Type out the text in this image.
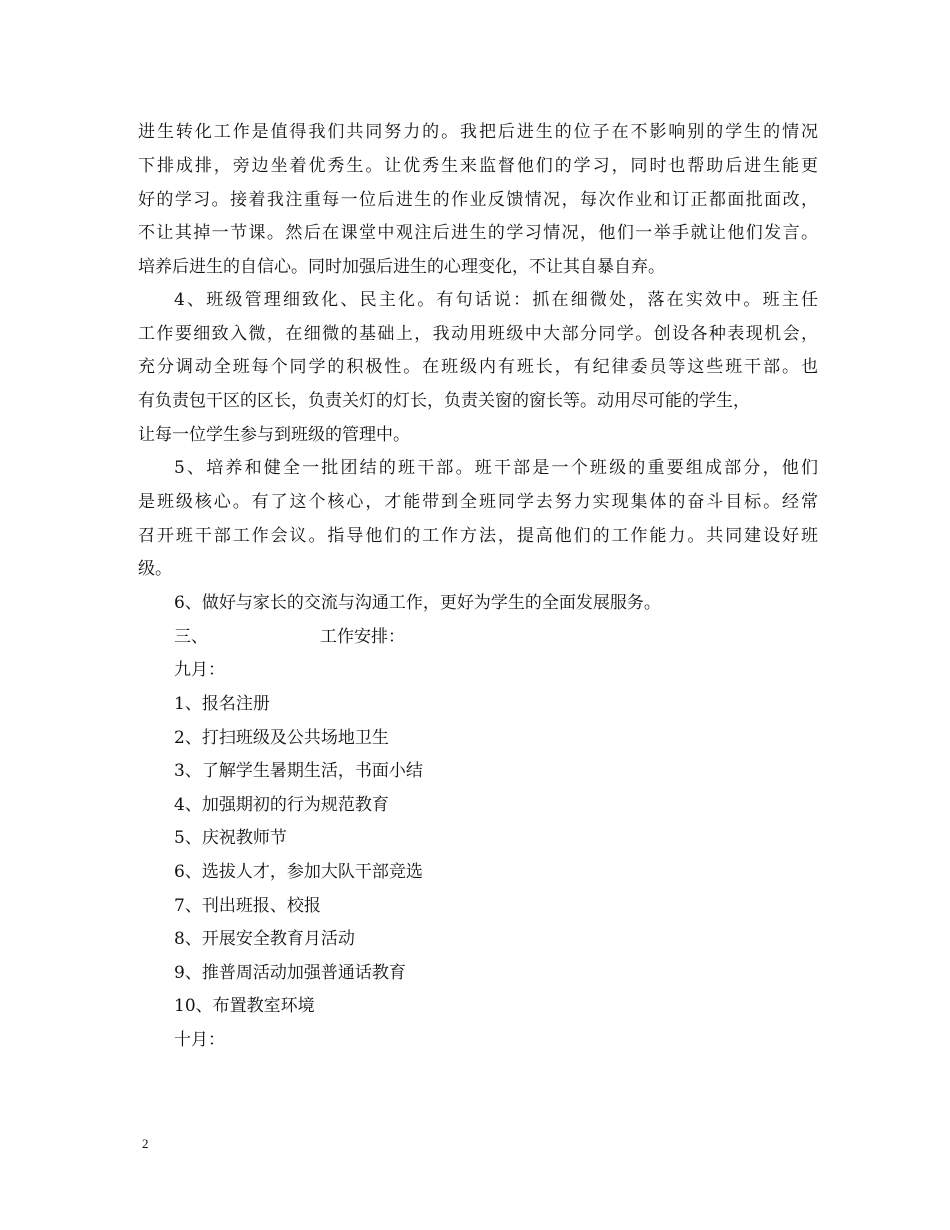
进生转化工作是值得我们共同努力的。我把后进生的位子在不影响别的学生的情况
下排成排，旁边坐着优秀生。让优秀生来监督他们的学习，同时也帮助后进生能更
好的学习。接着我注重每一位后进生的作业反馈情况，每次作业和订正都面批面改，
不让其掉一节课。然后在课堂中观注后进生的学习情况，他们一举手就让他们发言。
培养后进生的自信心。同时加强后进生的心理变化，不让其自暴自弃。
4、班级管理细致化、民主化。有句话说：抓在细微处，落在实效中。班主任
工作要细致入微，在细微的基础上，我动用班级中大部分同学。创设各种表现机会，
充分调动全班每个同学的积极性。在班级内有班长，有纪律委员等这些班干部。也
有负责包干区的区长，负责关灯的灯长，负责关窗的窗长等。动用尽可能的学生，
让每一位学生参与到班级的管理中。
5、培养和健全一批团结的班干部。班干部是一个班级的重要组成部分，他们
是班级核心。有了这个核心，才能带到全班同学去努力实现集体的奋斗目标。经常
召开班干部工作会议。指导他们的工作方法，提高他们的工作能力。共同建设好班
级。
6、做好与家长的交流与沟通工作，更好为学生的全面发展服务。
三、	工作安排：
九月：
1、报名注册
2、打扫班级及公共场地卫生
3、了解学生暑期生活，书面小结
4、加强期初的行为规范教育
5、庆祝教师节
6、选拔人才，参加大队干部竞选
7、刊出班报、校报
8、开展安全教育月活动
9、推普周活动加强普通话教育
10、布置教室环境
十月：
2
